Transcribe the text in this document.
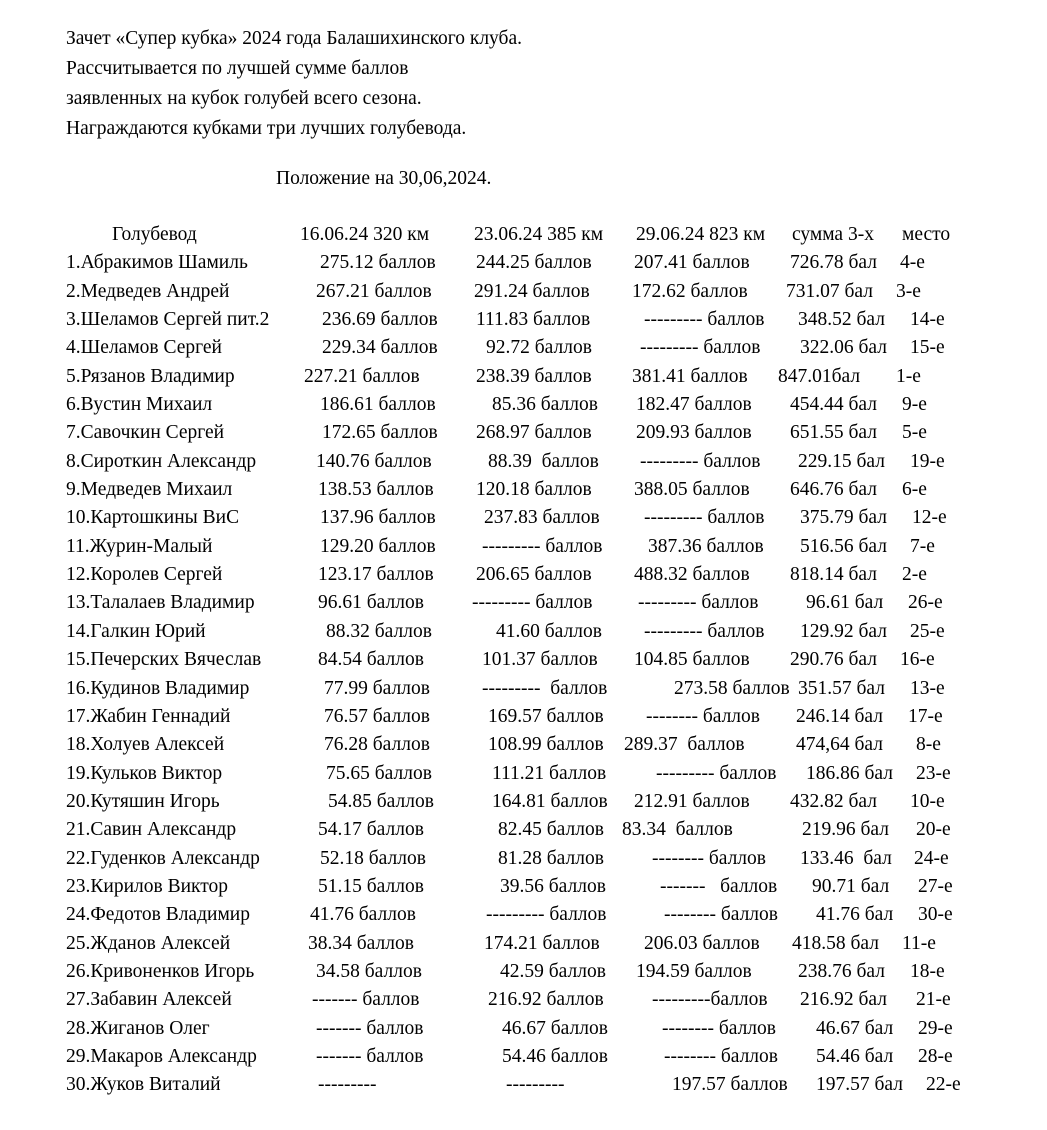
Зачет «Супер кубка» 2024 года Балашихинского клуба.
Рассчитывается по лучшей сумме баллов
заявленных на кубок голубей всего сезона.
Награждаются кубками три лучших голубевода.
Положение на 30,06,2024.
Голубевод	16.06.24 320 км 23.06.24 385 км 29.06.24 823 км сумма 3-х место
1.Абракимов Шамиль	275.12 баллов 244.25 баллов 207.41 баллов 726.78 бал 4-е
2.Медведев Андрей	267.21 баллов 291.24 баллов 172.62 баллов 731.07 бал 3-е
3.Шеламов Сергей пит.2	236.69 баллов 111.83 баллов	--------- баллов 348.52 бал 14-е
4.Шеламов Сергей	229.34 баллов 92.72 баллов --------- баллов 322.06 бал 15-е
5.Рязанов Владимир	227.21 баллов	238.39 баллов 381.41 баллов 847.01бал 1-е
6.Вустин Михаил	186.61 баллов	85.36 баллов 182.47 баллов 454.44 бал 9-е
7.Савочкин Сергей	172.65 баллов 268.97 баллов 209.93 баллов 651.55 бал 5-е
8.Сироткин Александр	140.76 баллов	88.39  баллов --------- баллов 229.15 бал 19-е
9.Медведев Михаил	138.53 баллов 120.18 баллов 388.05 баллов 646.76 бал 6-е
10.Картошкины ВиС	137.96 баллов 237.83 баллов --------- баллов 375.79 бал 12-е
11.Журин-Малый	129.20 баллов --------- баллов 387.36 баллов 516.56 бал 7-е
12.Королев Сергей	123.17 баллов 206.65 баллов 488.32 баллов 818.14 бал 2-е
13.Талалаев Владимир	96.61 баллов --------- баллов --------- баллов 96.61 бал 26-е
14.Галкин Юрий	88.32 баллов	41.60 баллов --------- баллов 129.92 бал 25-е
15.Печерских Вячеслав	84.54 баллов	101.37 баллов 104.85 баллов 290.76 бал 16-е
16.Кудинов Владимир	77.99 баллов	---------  баллов	273.58 баллов 351.57 бал 13-е
17.Жабин Геннадий	76.57 баллов	169.57 баллов -------- баллов 246.14 бал 17-е
18.Холуев Алексей	76.28 баллов	108.99 баллов 289.37  баллов	474,64 бал 8-е
19.Кульков Виктор	75.65 баллов	111.21 баллов	--------- баллов 186.86 бал 23-е
20.Кутяшин Игорь	54.85 баллов	164.81 баллов 212.91 баллов 432.82 бал 10-е
21.Савин Александр	54.17 баллов	82.45 баллов 83.34  баллов	219.96 бал 20-е
22.Гуденков Александр	52.18 баллов	81.28 баллов -------- баллов 133.46  бал 24-е
23.Кирилов Виктор	51.15 баллов	39.56 баллов	-------   баллов 90.71 бал 27-е
24.Федотов Владимир	41.76 баллов	--------- баллов	-------- баллов 41.76 бал 30-е
25.Жданов Алексей	38.34 баллов	174.21 баллов 206.03 баллов 418.58 бал 11-е
26.Кривоненков Игорь	34.58 баллов	42.59 баллов 194.59 баллов 238.76 бал 18-е
27.Забавин Алексей	------- баллов	216.92 баллов ---------баллов 216.92 бал 21-е
28.Жиганов Олег	------- баллов	46.67 баллов	-------- баллов 46.67 бал 29-е
29.Макаров Александр	------- баллов	54.46 баллов	-------- баллов 54.46 бал 28-е
30.Жуков Виталий	---------	---------	197.57 баллов 197.57 бал 22-е
